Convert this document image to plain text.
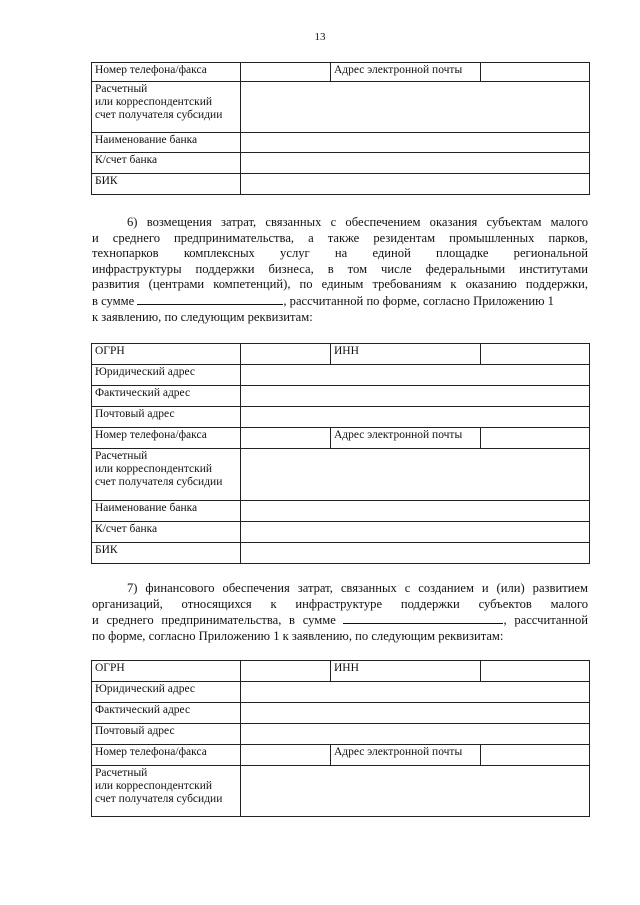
13
Номер телефона/факса		Адрес электронной почты	

Расчетный
или корреспондентский
счет получателя субсидии			

Наименование банка			
К/счет банка			
БИК			
6) возмещения затрат, связанных с обеспечением оказания субъектам малого
и среднего предпринимательства, а также резидентам промышленных парков,
технопарков комплексных услуг на единой площадке региональной
инфраструктуры поддержки бизнеса, в том числе федеральными институтами
развития (центрами компетенций), по единым требованиям к оказанию поддержки,
в сумме	, рассчитанной по форме, согласно Приложению 1
к заявлению, по следующим реквизитам:
ОГРН		ИНН	
Юридический адрес			
Фактический адрес			
Почтовый адрес			
Номер телефона/факса		Адрес электронной почты	

Расчетный
или корреспондентский
счет получателя субсидии			

Наименование банка			
К/счет банка			
БИК			
7) финансового обеспечения затрат, связанных с созданием и (или) развитием
организаций, относящихся к инфраструктуре поддержки субъектов малого
и среднего предпринимательства, в сумме	, рассчитанной
по форме, согласно Приложению 1 к заявлению, по следующим реквизитам:
ОГРН		ИНН	
Юридический адрес			
Фактический адрес			
Почтовый адрес			
Номер телефона/факса		Адрес электронной почты	

Расчетный
или корреспондентский
счет получателя субсидии			
